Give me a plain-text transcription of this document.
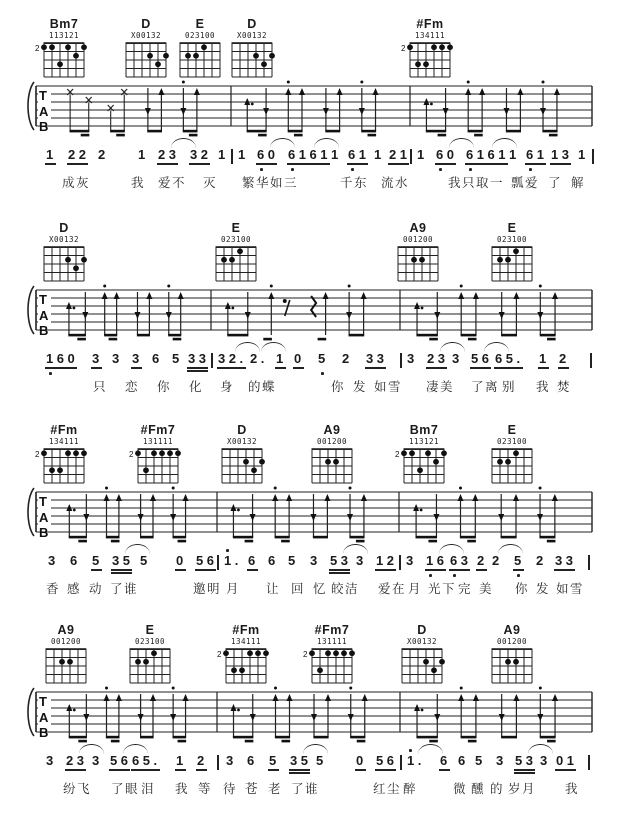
Bm7
113121
2
D
X00132
E
023100
D
X00132
#Fm
134111
2
T
A
B
1 22 2 1 23 32 1 1 60 6161 1 61 1 21 1 60 6161 1 61 13 1
成灰	我 爱不 灭 繁华如三	千东 流水	我只取一 瓢爱 了 解
D
X00132
E
023100
A9
001200
E
023100
T
A
B
160 3 3 3 6 5 33 32. 2. 1 0 5 2 33 3 23 3 56 65. 1 2
只 恋 你 化 身 的蝶	你 发 如雪 凄美 了离 别 我 焚
#Fm
134111
2
#Fm7
131111
2
D
X00132
A9
001200
Bm7
113121
2
E
023100
T
A
B
3 6 5 35 5 0 56 1. 6 6 5 3 53 3 12 3 16 63 2 2 5 2 33
香 感 动 了谁	邀明 月 让 回 忆 皎洁 爱在 月 光下 完 美 你 发 如雪
A9
001200
E
023100
#Fm
134111
2
#Fm7
131111
2
D
X00132
A9
001200
T
A
B
3 23 3 56 65. 1 2 3 6 5 35 5 0 56 1. 6 6 5 3 53 3 01
纷飞 了眼 泪 我 等 待 苍 老 了谁	红尘 醉	微 醺 的 岁月 我
